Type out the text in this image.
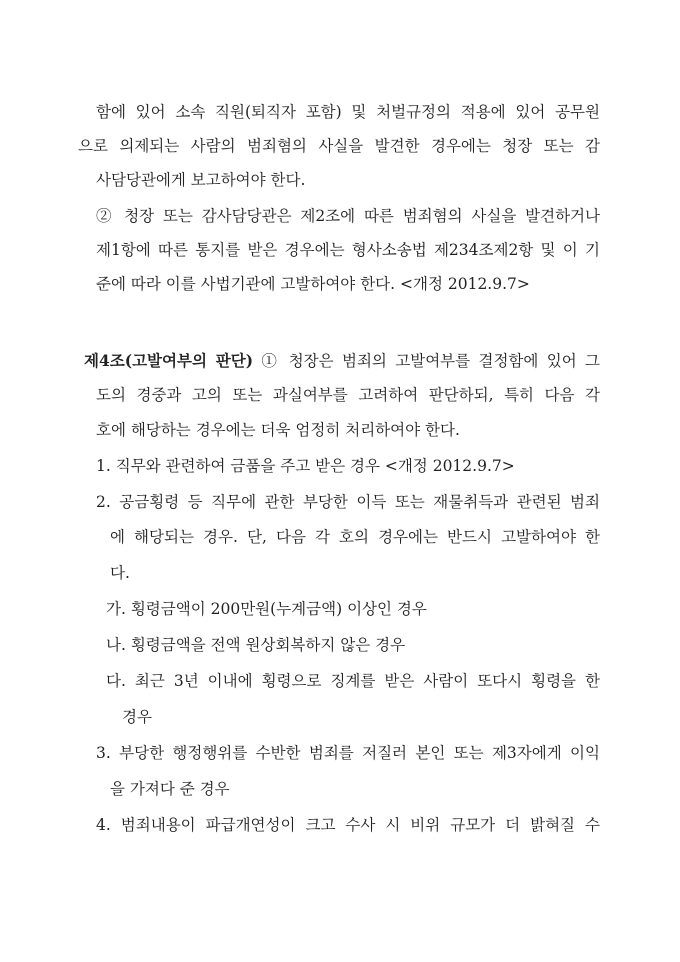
함에 있어 소속 직원(퇴직자 포함) 및 처벌규정의 적용에 있어 공무원
으로 의제되는 사람의 범죄혐의 사실을 발견한 경우에는 청장 또는 감
사담당관에게 보고하여야 한다.
② 청장 또는 감사담당관은 제2조에 따른 범죄혐의 사실을 발견하거나
제1항에 따른 통지를 받은 경우에는 형사소송법 제234조제2항 및 이 기
준에 따라 이를 사법기관에 고발하여야 한다. <개정 2012.9.7>
제4조(고발여부의 판단) ① 청장은 범죄의 고발여부를 결정함에 있어 그
도의 경중과 고의 또는 과실여부를 고려하여 판단하되, 특히 다음 각
호에 해당하는 경우에는 더욱 엄정히 처리하여야 한다.
1. 직무와 관련하여 금품을 주고 받은 경우 <개정 2012.9.7>
2. 공금횡령 등 직무에 관한 부당한 이득 또는 재물취득과 관련된 범죄
에 해당되는 경우. 단, 다음 각 호의 경우에는 반드시 고발하여야 한
다.
가. 횡령금액이 200만원(누계금액) 이상인 경우
나. 횡령금액을 전액 원상회복하지 않은 경우
다. 최근 3년 이내에 횡령으로 징계를 받은 사람이 또다시 횡령을 한
경우
3. 부당한 행정행위를 수반한 범죄를 저질러 본인 또는 제3자에게 이익
을 가져다 준 경우
4. 범죄내용이 파급개연성이 크고 수사 시 비위 규모가 더 밝혀질 수
